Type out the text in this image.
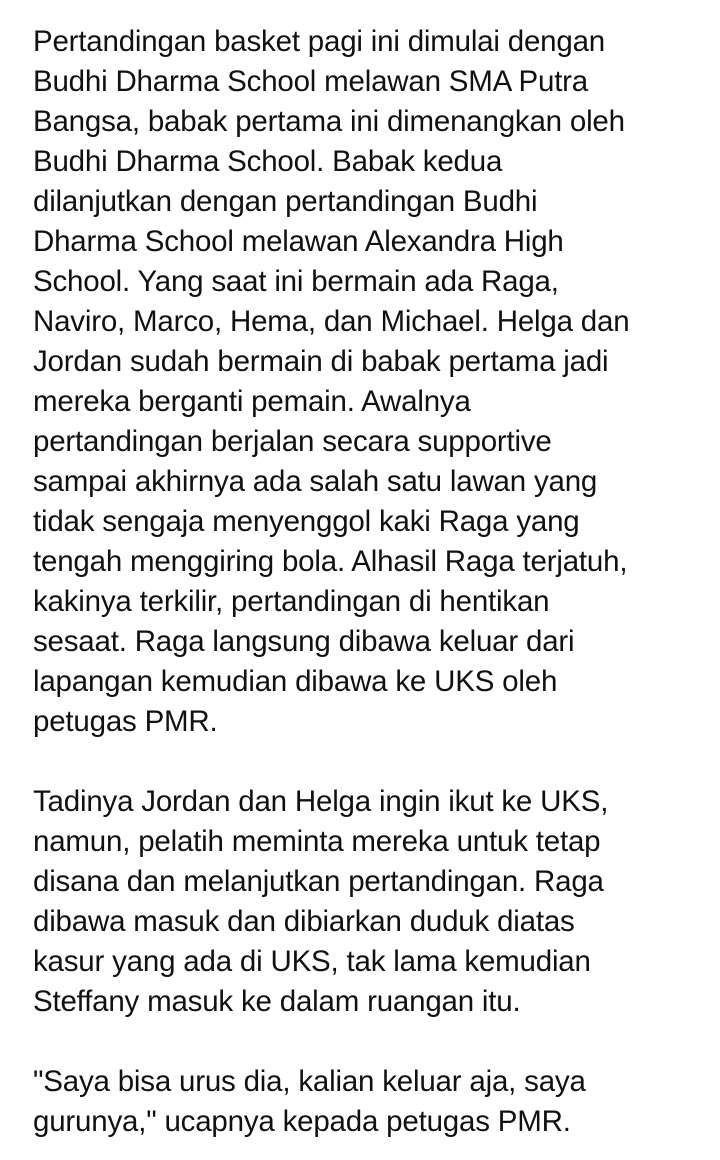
Pertandingan basket pagi ini dimulai dengan
Budhi Dharma School melawan SMA Putra
Bangsa, babak pertama ini dimenangkan oleh
Budhi Dharma School. Babak kedua
dilanjutkan dengan pertandingan Budhi
Dharma School melawan Alexandra High
School. Yang saat ini bermain ada Raga,
Naviro, Marco, Hema, dan Michael. Helga dan
Jordan sudah bermain di babak pertama jadi
mereka berganti pemain. Awalnya
pertandingan berjalan secara supportive
sampai akhirnya ada salah satu lawan yang
tidak sengaja menyenggol kaki Raga yang
tengah menggiring bola. Alhasil Raga terjatuh,
kakinya terkilir, pertandingan di hentikan
sesaat. Raga langsung dibawa keluar dari
lapangan kemudian dibawa ke UKS oleh
petugas PMR.
Tadinya Jordan dan Helga ingin ikut ke UKS,
namun, pelatih meminta mereka untuk tetap
disana dan melanjutkan pertandingan. Raga
dibawa masuk dan dibiarkan duduk diatas
kasur yang ada di UKS, tak lama kemudian
Steffany masuk ke dalam ruangan itu.
"Saya bisa urus dia, kalian keluar aja, saya
gurunya," ucapnya kepada petugas PMR.
